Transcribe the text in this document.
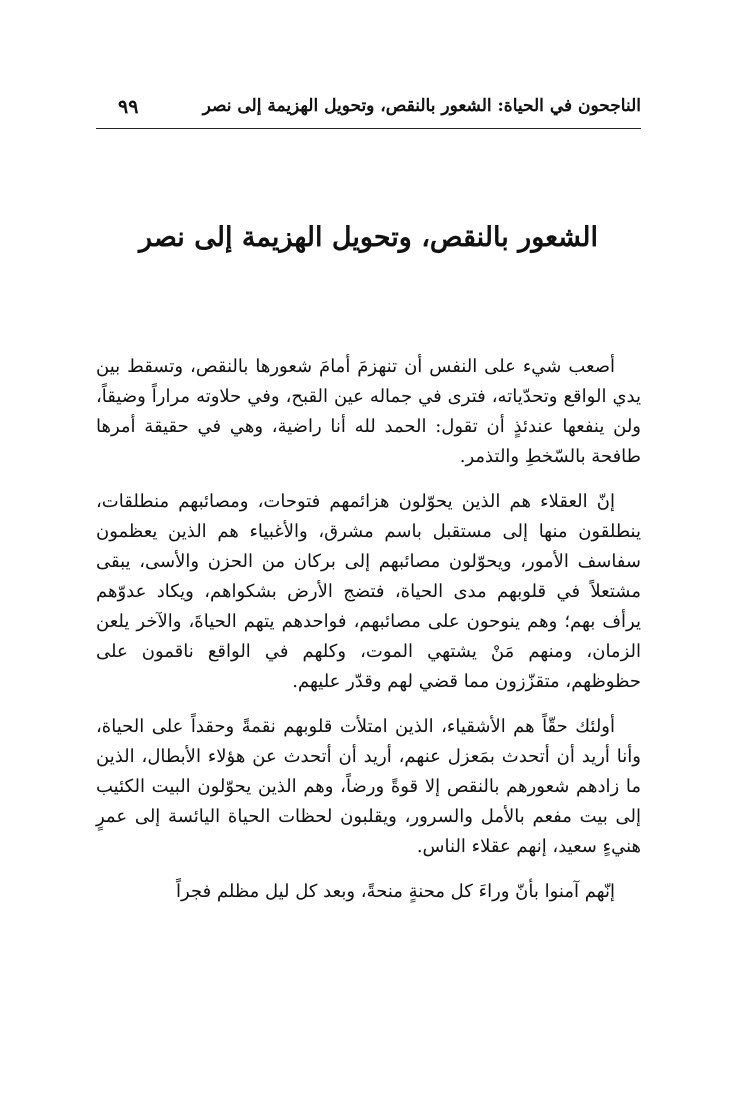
الناجحون في الحياة: الشعور بالنقص، وتحويل الهزيمة إلى نصر
٩٩
الشعور بالنقص، وتحويل الهزيمة إلى نصر

أصعب شيء على النفس أن تنهزمَ أمامَ شعورها بالنقص، وتسقط بين يدي الواقع وتحدّياته، فترى في جماله عين القبح، وفي حلاوته مراراً وضيقاً، ولن ينفعها عندئذٍ أن تقول: الحمد لله أنا راضية، وهي في حقيقة أمرها طافحة بالسّخطِ والتذمر.

إنّ العقلاء هم الذين يحوّلون هزائمهم فتوحات، ومصائبهم منطلقات، ينطلقون منها إلى مستقبل باسم مشرق، والأغبياء هم الذين يعظمون سفاسف الأمور، ويحوّلون مصائبهم إلى بركان من الحزن والأسى، يبقى مشتعلاً في قلوبهم مدى الحياة، فتضج الأرض بشكواهم، ويكاد عدوّهم يرأف بهم؛ وهم ينوحون على مصائبهم، فواحدهم يتهم الحياةَ، والآخر يلعن الزمان، ومنهم مَنْ يشتهي الموت، وكلهم في الواقع ناقمون على حظوظهم، متقزّزون مما قضي لهم وقدّر عليهم.

أولئك حقّاً هم الأشقياء، الذين امتلأت قلوبهم نقمةً وحقداً على الحياة، وأنا أريد أن أتحدث بمَعزل عنهم، أريد أن أتحدث عن هؤلاء الأبطال، الذين ما زادهم شعورهم بالنقص إلا قوةً ورضاً، وهم الذين يحوّلون البيت الكئيب إلى بيت مفعم بالأمل والسرور، ويقلبون لحظات الحياة اليائسة إلى عمرٍ هنيءٍ سعيد، إنهم عقلاء الناس.

إنّهم آمنوا بأنّ وراءَ كل محنةٍ منحةً، وبعد كل ليل مظلم فجراً
